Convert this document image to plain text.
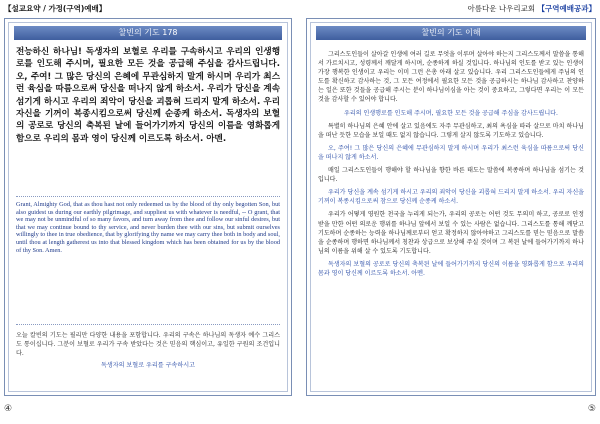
【설교요약 / 가정(구역)예배】	아름다운 나우리교회 【구역예배공과】
찰빈의 기도 178
전능하신 하나님! 독생자의 보혈로 우리를 구속하시고 우리의 인생행로를 인도해 주시며, 필요한 모든 것을 공급해 주심을 감사드립니다. 오, 주여! 그 많은 당신의 은혜에 무관심하지 말게 하시며 우리가 최스런 육심을 따름으로써 당신을 떠나지 않게 하소서. 우리가 당신을 계속 섬기게 하시고 우리의 죄악이 당신을 괴롭혀 드리지 말게 하소서. 우리 자신을 기꺼이 복종시킴으로써 당신께 순종케 하소서. 독생자의 보혈의 공로로 당신의 축복된 날에 들어가기까지 당신의 이름을 영화롭게 함으로 우리의 몸과 영이 당신께 이르도록 하소서. 아멘.
Grant, Almighty God, that as thou hast not only redeemed us by the blood of thy only begotten Son, but also guidest us during our earthly pilgrimage, and suppliest us with whatever is needful, -- O grant, that we may not be unmindful of so many favors, and turn away from thee and follow our sinful desires, but that we may continue bound to thy service, and never burden thee with our sins, but submit ourselves willingly to thee in true obedience, that by glorifying thy name we may carry thee both in body and soul, until thou at length gatherest us into that blessed kingdom which has been obtained for us by the blood of thy Son. Amen.
오늘 칼빈의 기도는 필리만 다양한 내용을 포함합니다. 우리의 구속은 하나님의 독생자 예수 그리스도 통이십니다. 그분이 보혈로 우리가 구속 받았다는 것은 믿음의 핵심이고, 유일한 구원의 조건입니다.
독생자의 보혈로 우리를 구속하시고
④
찰빈의 기도 이해

그리스도인들이 살아갈 인생에 여러 길로 무엇을 이루며 살아야 하는지 그리스도께서 말씀을 통해서 가르치시고, 성령께서 깨달게 하시며, 순종하게 하실 것입니다. 하나님의 인도를 받고 있는 인생이 가장 행복한 인생이고 우리는 이미 그런 은총 아래 살고 있습니다. 우리 그리스도인들에게 주님의 인도를 확신하고 감사하는 것, 그 모든 여정에서 필요한 모든 것을 공급하시는 하나님 감사하고 찬양하는 일은 또한 것들을 공급해 주시는 분이 하나님이심을 아는 것이 중요하고, 그렇다면 우리는 이 모든 것을 감사할 수 있어야 합니다.

우리의 인생행로를 인도해 주시며, 필요한 모든 것을 공급해 주심을 감사드립니다.

특별히 하나님의 은혜 안에 살고 있음에도 자주 무관심하고, 최의 욕심을 따라 살므로 마치 하나님을 떠난 듯한 모습을 보일 때도 없지 않습니다. 그렇게 살지 않도록 기도하고 있습니다.

오, 주여! 그 많은 당신의 은혜에 무관심하지 말게 하시며 우리가 최스런 육심을 따름으로써 당신을 떠나지 않게 하소서.

매일 그리스도인들이 행해야 할 하나님을 향한 바른 태도는 말씀에 복종하며 하나님을 섬기는 것입니다.

우리가 당신을 계속 섬기게 하시고 우리의 죄악이 당신을 괴롭혀 드리지 말게 하소서. 우리 자신을 기꺼이 복종시킴으로써 참으로 당신께 순종케 하소서.

우리가 어떻게 영원한 천국을 누리게 되는가, 우리의 공로는 어떤 것도 무의미 하고, 공로로 인정받을 만한 어떤 의로운 행위를 하나님 앞에서 보일 수 있는 사람은 없습니다. 그리스도를 통해 깨닫고 기도하며 순종하는 능력을 하나님께로부터 얻고 확정하지 않아야하고 그리스도를 믿는 믿음으로 말씀을 순종하며 행하면 하나님께서 칭찬과 상급으로 보상해 주실 것이며 그 복된 날에 들어가기까지 하나님의 이름을 위해 살 수 있도록 기도합니다.

독생자의 보혈의 공로로 당신의 축복된 날에 들어가기까지 당신의 이름을 영화롭게 함으로 우리의 몸과 영이 당신께 이르도록 하소서. 아멘.

⑤
